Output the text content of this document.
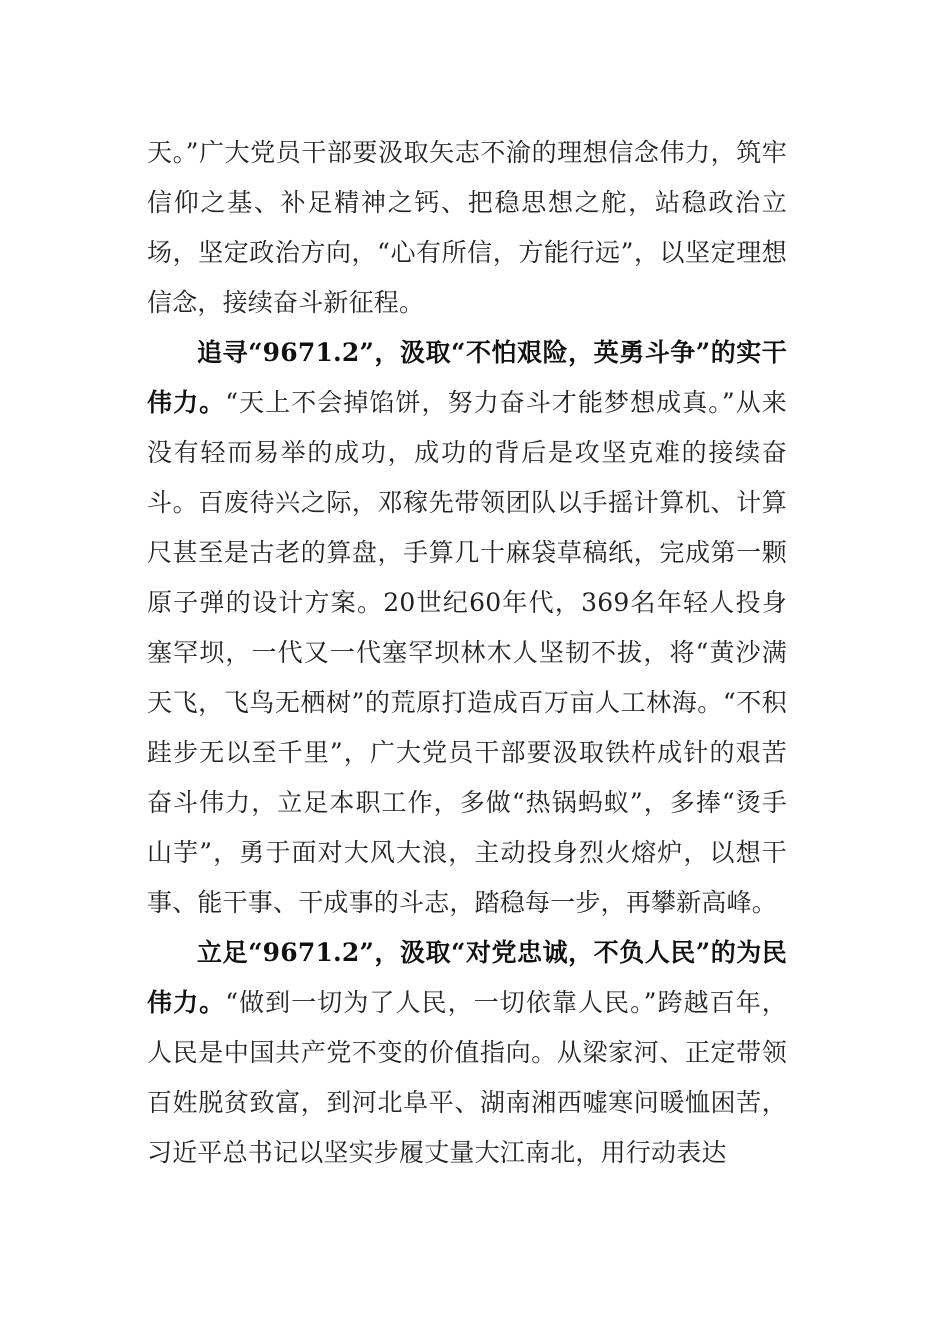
天。”广大党员干部要汲取矢志不渝的理想信念伟力，筑牢信仰之基、补足精神之钙、把稳思想之舵，站稳政治立场，坚定政治方向，“心有所信，方能行远”，以坚定理想信念，接续奋斗新征程。

追寻“9671.2”，汲取“不怕艰险，英勇斗争”的实干伟力。“天上不会掉馅饼，努力奋斗才能梦想成真。”从来没有轻而易举的成功，成功的背后是攻坚克难的接续奋斗。百废待兴之际，邓稼先带领团队以手摇计算机、计算尺甚至是古老的算盘，手算几十麻袋草稿纸，完成第一颗原子弹的设计方案。20世纪60年代，369名年轻人投身塞罕坝，一代又一代塞罕坝林木人坚韧不拔，将“黄沙满天飞，飞鸟无栖树”的荒原打造成百万亩人工林海。“不积跬步无以至千里”，广大党员干部要汲取铁杵成针的艰苦奋斗伟力，立足本职工作，多做“热锅蚂蚁”，多捧“烫手山芋”，勇于面对大风大浪，主动投身烈火熔炉，以想干事、能干事、干成事的斗志，踏稳每一步，再攀新高峰。

立足“9671.2”，汲取“对党忠诚，不负人民”的为民伟力。“做到一切为了人民，一切依靠人民。”跨越百年，人民是中国共产党不变的价值指向。从梁家河、正定带领百姓脱贫致富，到河北阜平、湖南湘西嘘寒问暖恤困苦，习近平总书记以坚实步履丈量大江南北，用行动表达
